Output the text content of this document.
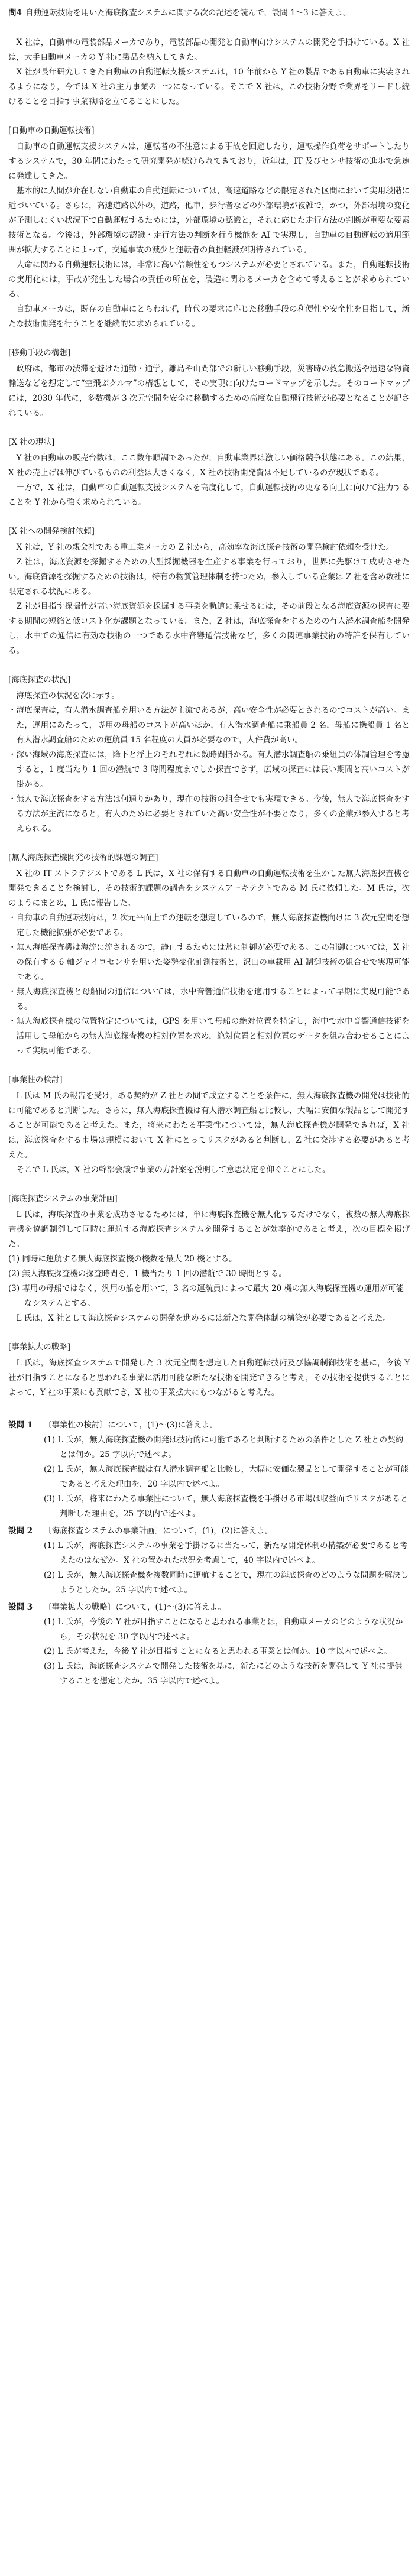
問4 自動運転技術を用いた海底探査システムに関する次の記述を読んで，設問 1～3 に答えよ。

X 社は，自動車の電装部品メーカであり，電装部品の開発と自動車向けシステムの開発を手掛けている。X 社は，大手自動車メーカの Y 社に製品を納入してきた。

X 社が長年研究してきた自動車の自動運転支援システムは，10 年前から Y 社の製品である自動車に実装されるようになり，今では X 社の主力事業の一つになっている。そこで X 社は，この技術分野で業界をリードし続けることを目指す事業戦略を立てることにした。

[自動車の自動運転技術]

自動車の自動運転支援システムは，運転者の不注意による事故を回避したり，運転操作負荷をサポートしたりするシステムで，30 年間にわたって研究開発が続けられてきており，近年は，IT 及びセンサ技術の進歩で急速に発達してきた。

基本的に人間が介在しない自動車の自動運転については，高速道路などの限定された区間において実用段階に近づいている。さらに，高速道路以外の，道路，他車，歩行者などの外部環境が複雑で，かつ，外部環境の変化が予測しにくい状況下で自動運転するためには，外部環境の認識と，それに応じた走行方法の判断が重要な要素技術となる。今後は，外部環境の認識・走行方法の判断を行う機能を AI で実現し，自動車の自動運転の適用範囲が拡大することによって，交通事故の減少と運転者の負担軽減が期待されている。

人命に関わる自動運転技術には，非常に高い信頼性をもつシステムが必要とされている。また，自動運転技術の実用化には，事故が発生した場合の責任の所在を，製造に関わるメーカを含めて考えることが求められている。

自動車メーカは，既存の自動車にとらわれず，時代の要求に応じた移動手段の利便性や安全性を目指して，新たな技術開発を行うことを継続的に求められている。

[移動手段の構想]

政府は，都市の渋滞を避けた通勤・通学，離島や山間部での新しい移動手段，災害時の救急搬送や迅速な物資輸送などを想定して“空飛ぶクルマ”の構想として，その実現に向けたロードマップを示した。そのロードマップには，2030 年代に，多数機が 3 次元空間を安全に移動するための高度な自動飛行技術が必要となることが記されている。

[X 社の現状]

Y 社の自動車の販売台数は，ここ数年順調であったが，自動車業界は激しい価格競争状態にある。この結果，X 社の売上げは伸びているものの利益は大きくなく，X 社の技術開発費は不足しているのが現状である。

一方で，X 社は，自動車の自動運転支援システムを高度化して，自動運転技術の更なる向上に向けて注力することを Y 社から強く求められている。

[X 社への開発検討依頼]

X 社は，Y 社の親会社である重工業メーカの Z 社から，高効率な海底探査技術の開発検討依頼を受けた。

Z 社は，海底資源を探掘するための大型採掘機器を生産する事業を行っており，世界に先駆けて成功させたい。海底資源を探掘するための技術は，特有の物質管理体制を持つため，参入している企業は Z 社を含め数社に限定される状況にある。

Z 社が目指す探掘性が高い海底資源を採掘する事業を軌道に乗せるには，その前段となる海底資源の探査に要する期間の短縮と低コスト化が課題となっている。また，Z 社は，海底探査をするための有人潜水調査船を開発し，水中での通信に有効な技術の一つである水中音響通信技術など，多くの関連事業技術の特許を保有している。

[海底探査の状況]

海底探査の状況を次に示す。

・海底探査は，有人潜水調査船を用いる方法が主流であるが，高い安全性が必要とされるのでコストが高い。また，運用にあたって，専用の母船のコストが高いほか，有人潜水調査船に乗船員 2 名，母船に操船員 1 名と有人潜水調査船のための運航員 15 名程度の人員が必要なので，人件費が高い。
・深い海域の海底探査には，降下と浮上のそれぞれに数時間掛かる。有人潜水調査船の乗組員の体調管理を考慮すると，1 度当たり 1 回の潜航で 3 時間程度までしか探査できず，広域の探査には長い期間と高いコストが掛かる。
・無人で海底探査をする方法は何通りかあり，現在の技術の組合せでも実現できる。今後，無人で海底探査をする方法が主流になると，有人のために必要とされていた高い安全性が不要となり，多くの企業が参入すると考えられる。
[無人海底探査機開発の技術的課題の調査]

X 社の IT ストラテジストである L 氏は，X 社の保有する自動車の自動運転技術を生かした無人海底探査機を開発できることを検討し，その技術的課題の調査をシステムアーキテクトである M 氏に依頼した。M 氏は，次のようにまとめ，L 氏に報告した。

・自動車の自動運転技術は，2 次元平面上での運転を想定しているので，無人海底探査機向けに 3 次元空間を想定した機能拡張が必要である。
・無人海底探査機は海流に流されるので，静止するためには常に制御が必要である。この制御については，X 社の保有する 6 軸ジャイロセンサを用いた姿勢変化計測技術と，沢山の車載用 AI 制御技術の組合せで実現可能である。
・無人海底探査機と母船間の通信については，水中音響通信技術を適用することによって早期に実現可能である。
・無人海底探査機の位置特定については，GPS を用いて母船の絶対位置を特定し，海中で水中音響通信技術を活用して母船からの無人海底探査機の相対位置を求め，絶対位置と相対位置のデータを組み合わせることによって実現可能である。
[事業性の検討]

L 氏は M 氏の報告を受け，ある契約が Z 社との間で成立することを条件に，無人海底探査機の開発は技術的に可能であると判断した。さらに，無人海底探査機は有人潜水調査船と比較し，大幅に安価な製品として開発することが可能であると考えた。また，将来にわたる事業性については，無人海底探査機が開発できれば，X 社は，海底探査をする市場は規模において X 社にとってリスクがあると判断し，Z 社に交渉する必要があると考えた。

そこで L 氏は，X 社の幹部会議で事業の方針案を説明して意思決定を仰ぐことにした。

[海底探査システムの事業計画]

L 氏は，海底探査の事業を成功させるためには，単に海底探査機を無人化するだけでなく，複数の無人海底探査機を協調制御して同時に運航する海底探査システムを開発することが効率的であると考え，次の目標を掲げた。

(1) 同時に運航する無人海底探査機の機数を最大 20 機とする。
(2) 無人海底探査機の探査時間を，1 機当たり 1 回の潜航で 30 時間とする。
(3) 専用の母船ではなく，汎用の船を用いて，3 名の運航員によって最大 20 機の無人海底探査機の運用が可能なシステムとする。

L 氏は，X 社として海底探査システムの開発を進めるには新たな開発体制の構築が必要であると考えた。

[事業拡大の戦略]

L 氏は，海底探査システムで開発した 3 次元空間を想定した自動運転技術及び協調制御技術を基に，今後 Y 社が目指すことになると思われる事業に活用可能な新たな技術を開発できると考え，その技術を提供することによって，Y 社の事業にも貢献でき，X 社の事業拡大にもつながると考えた。

設問 1	〔事業性の検討〕について，(1)～(3)に答えよ。
(1) L 氏が，無人海底探査機の開発は技術的に可能であると判断するための条件とした Z 社との契約とは何か。25 字以内で述べよ。
(2) L 氏が，無人海底探査機は有人潜水調査船と比較し，大幅に安価な製品として開発することが可能であると考えた理由を，20 字以内で述べよ。
(3) L 氏が，将来にわたる事業性について，無人海底探査機を手掛ける市場は収益面でリスクがあると判断した理由を，25 字以内で述べよ。
設問 2	〔海底探査システムの事業計画〕について，(1)，(2)に答えよ。
(1) L 氏が，海底探査システムの事業を手掛けるに当たって，新たな開発体制の構築が必要であると考えたのはなぜか。X 社の置かれた状況を考慮して，40 字以内で述べよ。
(2) L 氏が，無人海底探査機を複数同時に運航することで，現在の海底探査のどのような問題を解決しようとしたか。25 字以内で述べよ。
設問 3	〔事業拡大の戦略〕について，(1)～(3)に答えよ。
(1) L 氏が，今後の Y 社が目指すことになると思われる事業とは，自動車メーカのどのような状況から，その状況を 30 字以内で述べよ。
(2) L 氏が考えた，今後 Y 社が目指すことになると思われる事業とは何か。10 字以内で述べよ。
(3) L 氏は，海底探査システムで開発した技術を基に，新たにどのような技術を開発して Y 社に提供することを想定したか。35 字以内で述べよ。
